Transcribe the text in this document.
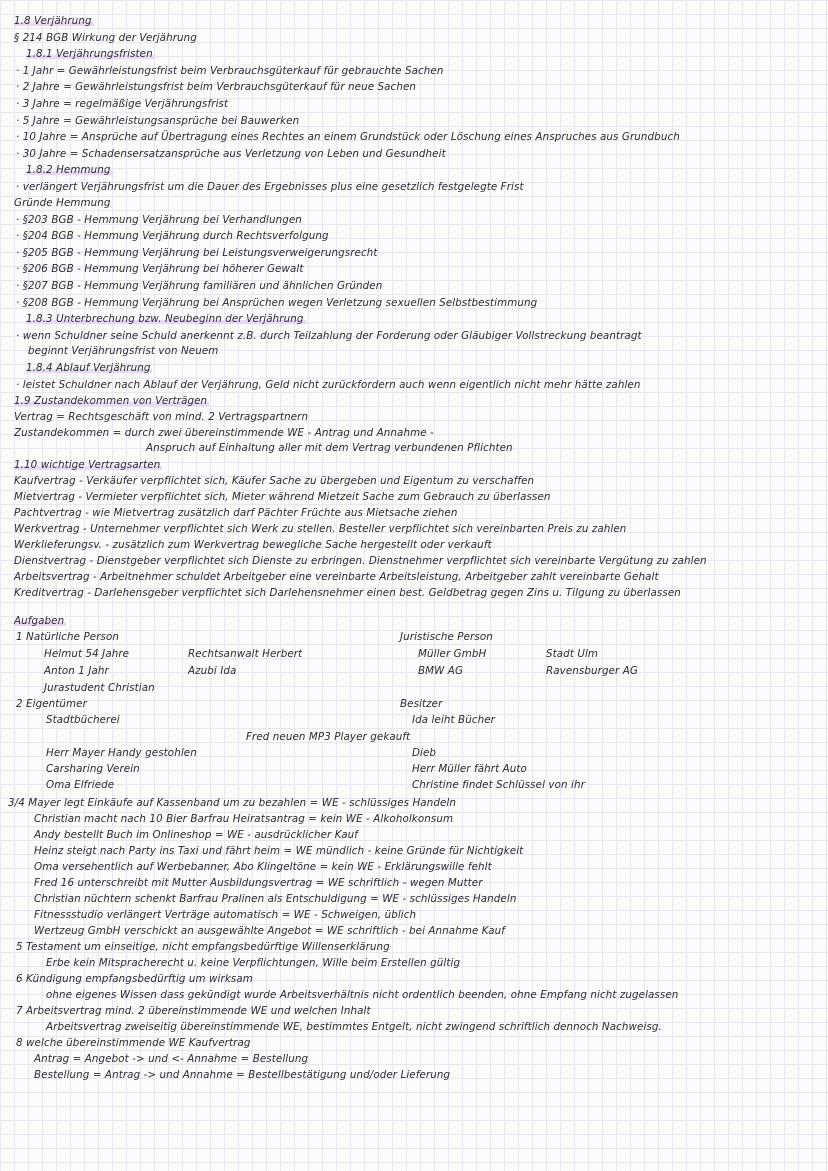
1.8 Verjährung
§ 214 BGB Wirkung der Verjährung
1.8.1 Verjährungsfristen
· 1 Jahr = Gewährleistungsfrist beim Verbrauchsgüterkauf für gebrauchte Sachen
· 2 Jahre = Gewährleistungsfrist beim Verbrauchsgüterkauf für neue Sachen
· 3 Jahre = regelmäßige Verjährungsfrist
· 5 Jahre = Gewährleistungsansprüche bei Bauwerken
· 10 Jahre = Ansprüche auf Übertragung eines Rechtes an einem Grundstück oder Löschung eines Anspruches aus Grundbuch
· 30 Jahre = Schadensersatzansprüche aus Verletzung von Leben und Gesundheit
1.8.2 Hemmung
· verlängert Verjährungsfrist um die Dauer des Ergebnisses plus eine gesetzlich festgelegte Frist
Gründe Hemmung
· §203 BGB - Hemmung Verjährung bei Verhandlungen
· §204 BGB - Hemmung Verjährung durch Rechtsverfolgung
· §205 BGB - Hemmung Verjährung bei Leistungsverweigerungsrecht
· §206 BGB - Hemmung Verjährung bei höherer Gewalt
· §207 BGB - Hemmung Verjährung familiären und ähnlichen Gründen
· §208 BGB - Hemmung Verjährung bei Ansprüchen wegen Verletzung sexuellen Selbstbestimmung
1.8.3 Unterbrechung bzw. Neubeginn der Verjährung
· wenn Schuldner seine Schuld anerkennt z.B. durch Teilzahlung der Forderung oder Gläubiger Vollstreckung beantragt
beginnt Verjährungsfrist von Neuem
1.8.4 Ablauf Verjährung
· leistet Schuldner nach Ablauf der Verjährung, Geld nicht zurückfordern auch wenn eigentlich nicht mehr hätte zahlen
1.9 Zustandekommen von Verträgen
Vertrag = Rechtsgeschäft von mind. 2 Vertragspartnern
Zustandekommen = durch zwei übereinstimmende WE - Antrag und Annahme -
Anspruch auf Einhaltung aller mit dem Vertrag verbundenen Pflichten
1.10 wichtige Vertragsarten
Kaufvertrag - Verkäufer verpflichtet sich, Käufer Sache zu übergeben und Eigentum zu verschaffen
Mietvertrag - Vermieter verpflichtet sich, Mieter während Mietzeit Sache zum Gebrauch zu überlassen
Pachtvertrag - wie Mietvertrag zusätzlich darf Pächter Früchte aus Mietsache ziehen
Werkvertrag - Unternehmer verpflichtet sich Werk zu stellen. Besteller verpflichtet sich vereinbarten Preis zu zahlen
Werklieferungsv. - zusätzlich zum Werkvertrag bewegliche Sache hergestellt oder verkauft
Dienstvertrag - Dienstgeber verpflichtet sich Dienste zu erbringen. Dienstnehmer verpflichtet sich vereinbarte Vergütung zu zahlen
Arbeitsvertrag - Arbeitnehmer schuldet Arbeitgeber eine vereinbarte Arbeitsleistung, Arbeitgeber zahlt vereinbarte Gehalt
Kreditvertrag - Darlehensgeber verpflichtet sich Darlehensnehmer einen best. Geldbetrag gegen Zins u. Tilgung zu überlassen
Aufgaben
1 Natürliche Person	Juristische Person
Helmut 54 Jahre	Rechtsanwalt Herbert	Müller GmbH	Stadt Ulm
Anton 1 Jahr	Azubi Ida	BMW AG	Ravensburger AG
Jurastudent Christian
2 Eigentümer	Besitzer
Stadtbücherei	Ida leiht Bücher
Fred neuen MP3 Player gekauft
Herr Mayer Handy gestohlen	Dieb
Carsharing Verein	Herr Müller fährt Auto
Oma Elfriede	Christine findet Schlüssel von ihr
3/4 Mayer legt Einkäufe auf Kassenband um zu bezahlen = WE - schlüssiges Handeln
Christian macht nach 10 Bier Barfrau Heiratsantrag = kein WE - Alkoholkonsum
Andy bestellt Buch im Onlineshop = WE - ausdrücklicher Kauf
Heinz steigt nach Party ins Taxi und fährt heim = WE mündlich - keine Gründe für Nichtigkeit
Oma versehentlich auf Werbebanner, Abo Klingeltöne = kein WE - Erklärungswille fehlt
Fred 16 unterschreibt mit Mutter Ausbildungsvertrag = WE schriftlich - wegen Mutter
Christian nüchtern schenkt Barfrau Pralinen als Entschuldigung = WE - schlüssiges Handeln
Fitnessstudio verlängert Verträge automatisch = WE - Schweigen, üblich
Wertzeug GmbH verschickt an ausgewählte Angebot = WE schriftlich - bei Annahme Kauf
5 Testament um einseitige, nicht empfangsbedürftige Willenserklärung
Erbe kein Mitspracherecht u. keine Verpflichtungen, Wille beim Erstellen gültig
6 Kündigung empfangsbedürftig um wirksam
ohne eigenes Wissen dass gekündigt wurde Arbeitsverhältnis nicht ordentlich beenden, ohne Empfang nicht zugelassen
7 Arbeitsvertrag mind. 2 übereinstimmende WE und welchen Inhalt
Arbeitsvertrag zweiseitig übereinstimmende WE, bestimmtes Entgelt, nicht zwingend schriftlich dennoch Nachweisg.
8 welche übereinstimmende WE Kaufvertrag
Antrag = Angebot -> und <- Annahme = Bestellung
Bestellung = Antrag -> und Annahme = Bestellbestätigung und/oder Lieferung
